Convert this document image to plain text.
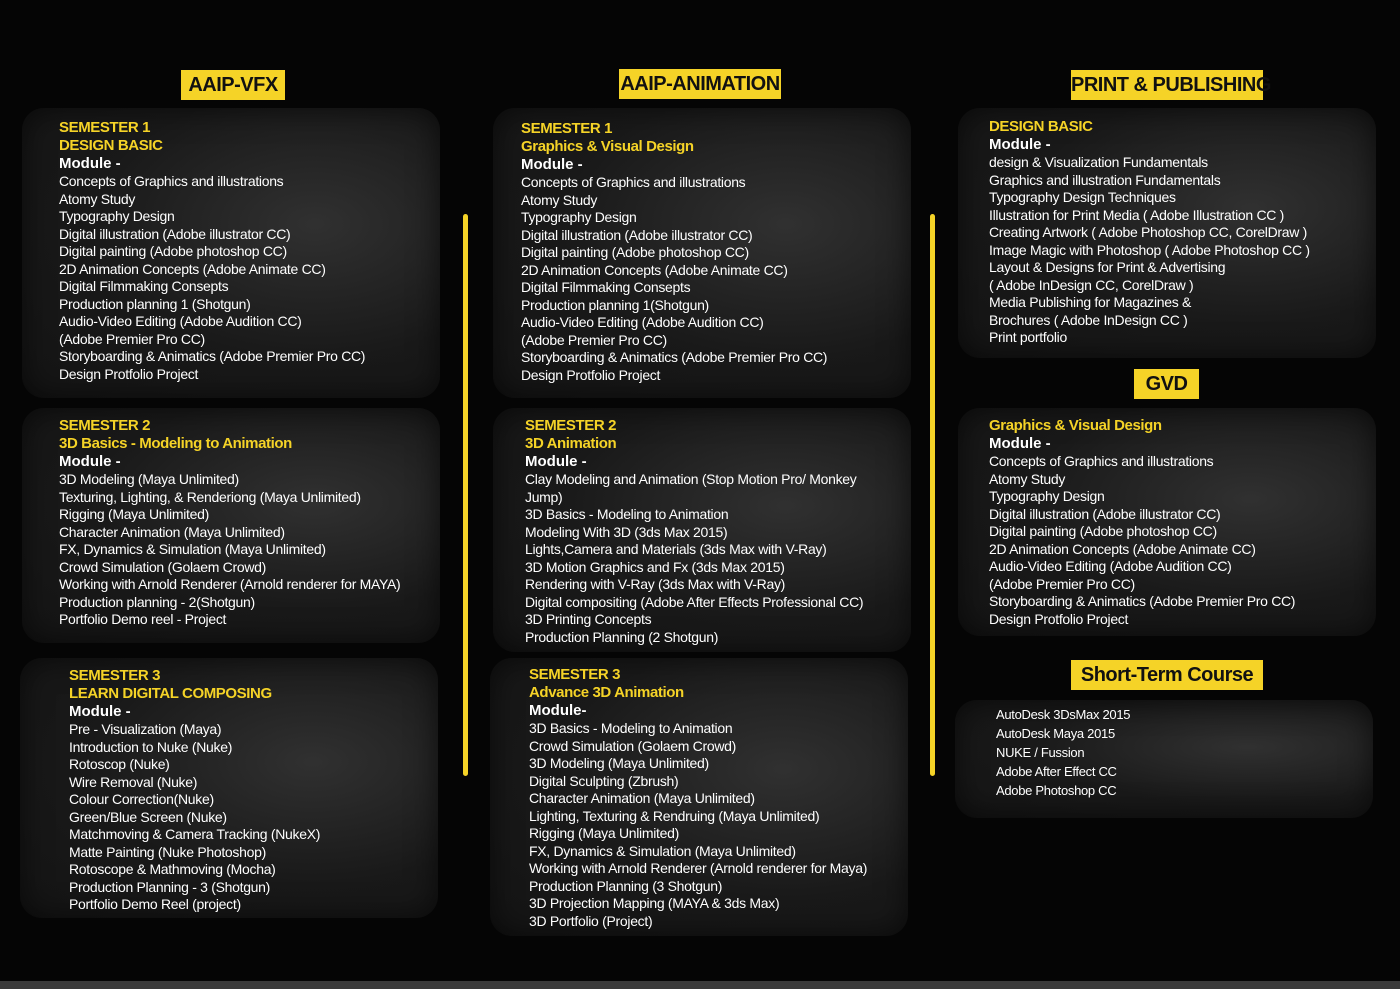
AAIP-VFX
SEMESTER 1
DESIGN BASIC
Module -
Concepts of Graphics and illustrations
Atomy Study
Typography Design
Digital illustration (Adobe illustrator CC)
Digital painting (Adobe photoshop CC)
2D Animation Concepts (Adobe Animate CC)
Digital Filmmaking Consepts
Production planning 1 (Shotgun)
Audio-Video Editing (Adobe Audition CC)
(Adobe Premier Pro CC)
Storyboarding & Animatics (Adobe Premier Pro CC)
Design Protfolio Project
SEMESTER 2
3D Basics - Modeling to Animation
Module -
3D Modeling (Maya Unlimited)
Texturing, Lighting, & Renderiong (Maya Unlimited)
Rigging (Maya Unlimited)
Character Animation (Maya Unlimited)
FX, Dynamics & Simulation (Maya Unlimited)
Crowd Simulation (Golaem Crowd)
Working with Arnold Renderer (Arnold renderer for MAYA)
Production planning - 2(Shotgun)
Portfolio Demo reel - Project
SEMESTER 3
LEARN DIGITAL COMPOSING
Module -
Pre - Visualization (Maya)
Introduction to Nuke (Nuke)
Rotoscop (Nuke)
Wire Removal (Nuke)
Colour Correction(Nuke)
Green/Blue Screen (Nuke)
Matchmoving & Camera Tracking (NukeX)
Matte Painting (Nuke Photoshop)
Rotoscope & Mathmoving (Mocha)
Production Planning - 3 (Shotgun)
Portfolio Demo Reel (project)
AAIP-ANIMATION
SEMESTER 1
Graphics & Visual Design
Module -
Concepts of Graphics and illustrations
Atomy Study
Typography Design
Digital illustration (Adobe illustrator CC)
Digital painting (Adobe photoshop CC)
2D Animation Concepts (Adobe Animate CC)
Digital Filmmaking Consepts
Production planning 1(Shotgun)
Audio-Video Editing (Adobe Audition CC)
(Adobe Premier Pro CC)
Storyboarding & Animatics (Adobe Premier Pro CC)
Design Protfolio Project
SEMESTER 2
3D Animation
Module -
Clay Modeling and Animation (Stop Motion Pro/ Monkey
Jump)
3D Basics - Modeling to Animation
Modeling With 3D (3ds Max 2015)
Lights,Camera and Materials (3ds Max with V-Ray)
3D Motion Graphics and Fx (3ds Max 2015)
Rendering with V-Ray (3ds Max with V-Ray)
Digital compositing (Adobe After Effects Professional CC)
3D Printing Concepts
Production Planning (2 Shotgun)
SEMESTER 3
Advance 3D Animation
Module-
3D Basics - Modeling to Animation
Crowd Simulation (Golaem Crowd)
3D Modeling (Maya Unlimited)
Digital Sculpting (Zbrush)
Character Animation (Maya Unlimited)
Lighting, Texturing & Rendruing (Maya Unlimited)
Rigging (Maya Unlimited)
FX, Dynamics & Simulation (Maya Unlimited)
Working with Arnold Renderer (Arnold renderer for Maya)
Production Planning (3 Shotgun)
3D Projection Mapping (MAYA & 3ds Max)
3D Portfolio (Project)
PRINT & PUBLISHING
DESIGN BASIC
Module -
design & Visualization Fundamentals
Graphics and illustration Fundamentals
Typography Design Techniques
Illustration for Print Media ( Adobe Illustration CC )
Creating Artwork ( Adobe Photoshop CC, CorelDraw )
Image Magic with Photoshop ( Adobe Photoshop CC )
Layout & Designs for Print & Advertising
( Adobe InDesign CC, CorelDraw )
Media Publishing for Magazines &
Brochures ( Adobe InDesign CC )
Print portfolio
GVD
Graphics & Visual Design
Module -
Concepts of Graphics and illustrations
Atomy Study
Typography Design
Digital illustration (Adobe illustrator CC)
Digital painting (Adobe photoshop CC)
2D Animation Concepts (Adobe Animate CC)
Audio-Video Editing (Adobe Audition CC)
(Adobe Premier Pro CC)
Storyboarding & Animatics (Adobe Premier Pro CC)
Design Protfolio Project
Short-Term Course
AutoDesk 3DsMax 2015
AutoDesk Maya 2015
NUKE / Fussion
Adobe After Effect CC
Adobe Photoshop CC
